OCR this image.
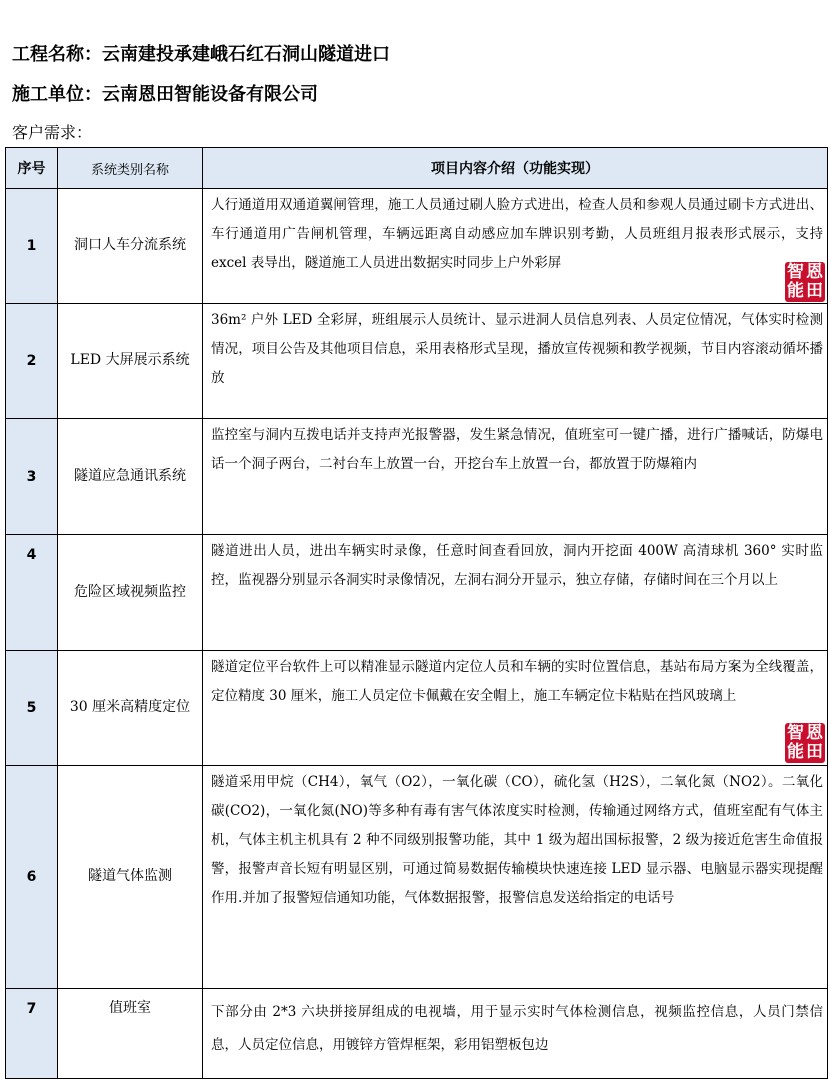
工程名称：云南建投承建峨石红石洞山隧道进口
施工单位：云南恩田智能设备有限公司
客户需求：
序号	系统类别名称	项目内容介绍（功能实现）
1	洞口人车分流系统	人行通道用双通道翼闸管理，施工人员通过刷人脸方式进出，检查人员和参观人员通过刷卡方式进出、车行通道用广告闸机管理，车辆远距离自动感应加车牌识别考勤，人员班组月报表形式展示，支持 excel 表导出，隧道施工人员进出数据实时同步上户外彩屏 智 恩
能 田

2	LED 大屏展示系统	36m² 户外 LED 全彩屏，班组展示人员统计、显示进洞人员信息列表、人员定位情况，气体实时检测情况，项目公告及其他项目信息，采用表格形式呈现，播放宣传视频和教学视频，节目内容滚动循坏播放
3	隧道应急通讯系统	监控室与洞内互拨电话并支持声光报警器，发生紧急情况，值班室可一键广播，进行广播喊话，防爆电话一个洞子两台，二衬台车上放置一台，开挖台车上放置一台，都放置于防爆箱内
4	危险区域视频监控	隧道进出人员，进出车辆实时录像，任意时间查看回放，洞内开挖面 400W 高清球机 360° 实时监控，监视器分别显示各洞实时录像情况，左洞右洞分开显示，独立存储，存储时间在三个月以上
5	30 厘米高精度定位	隧道定位平台软件上可以精准显示隧道内定位人员和车辆的实时位置信息，基站布局方案为全线覆盖，定位精度 30 厘米，施工人员定位卡佩戴在安全帽上，施工车辆定位卡粘贴在挡风玻璃上
智 恩
能 田

6	隧道气体监测	隧道采用甲烷（CH4），氧气（O2），一氧化碳（CO），硫化氢（H2S），二氧化氮（NO2）。二氧化碳(CO2)，一氧化氮(NO)等多种有毒有害气体浓度实时检测，传输通过网络方式，值班室配有气体主机，气体主机主机具有 2 种不同级别报警功能，其中 1 级为超出国标报警，2 级为接近危害生命值报警，报警声音长短有明显区别，可通过简易数据传输模块快速连接 LED 显示器、电脑显示器实现提醒作用.并加了报警短信通知功能，气体数据报警，报警信息发送给指定的电话号
7	值班室	下部分由 2*3 六块拼接屏组成的电视墙，用于显示实时气体检测信息，视频监控信息，人员门禁信息，人员定位信息，用镀锌方管焊框架，彩用铝塑板包边
